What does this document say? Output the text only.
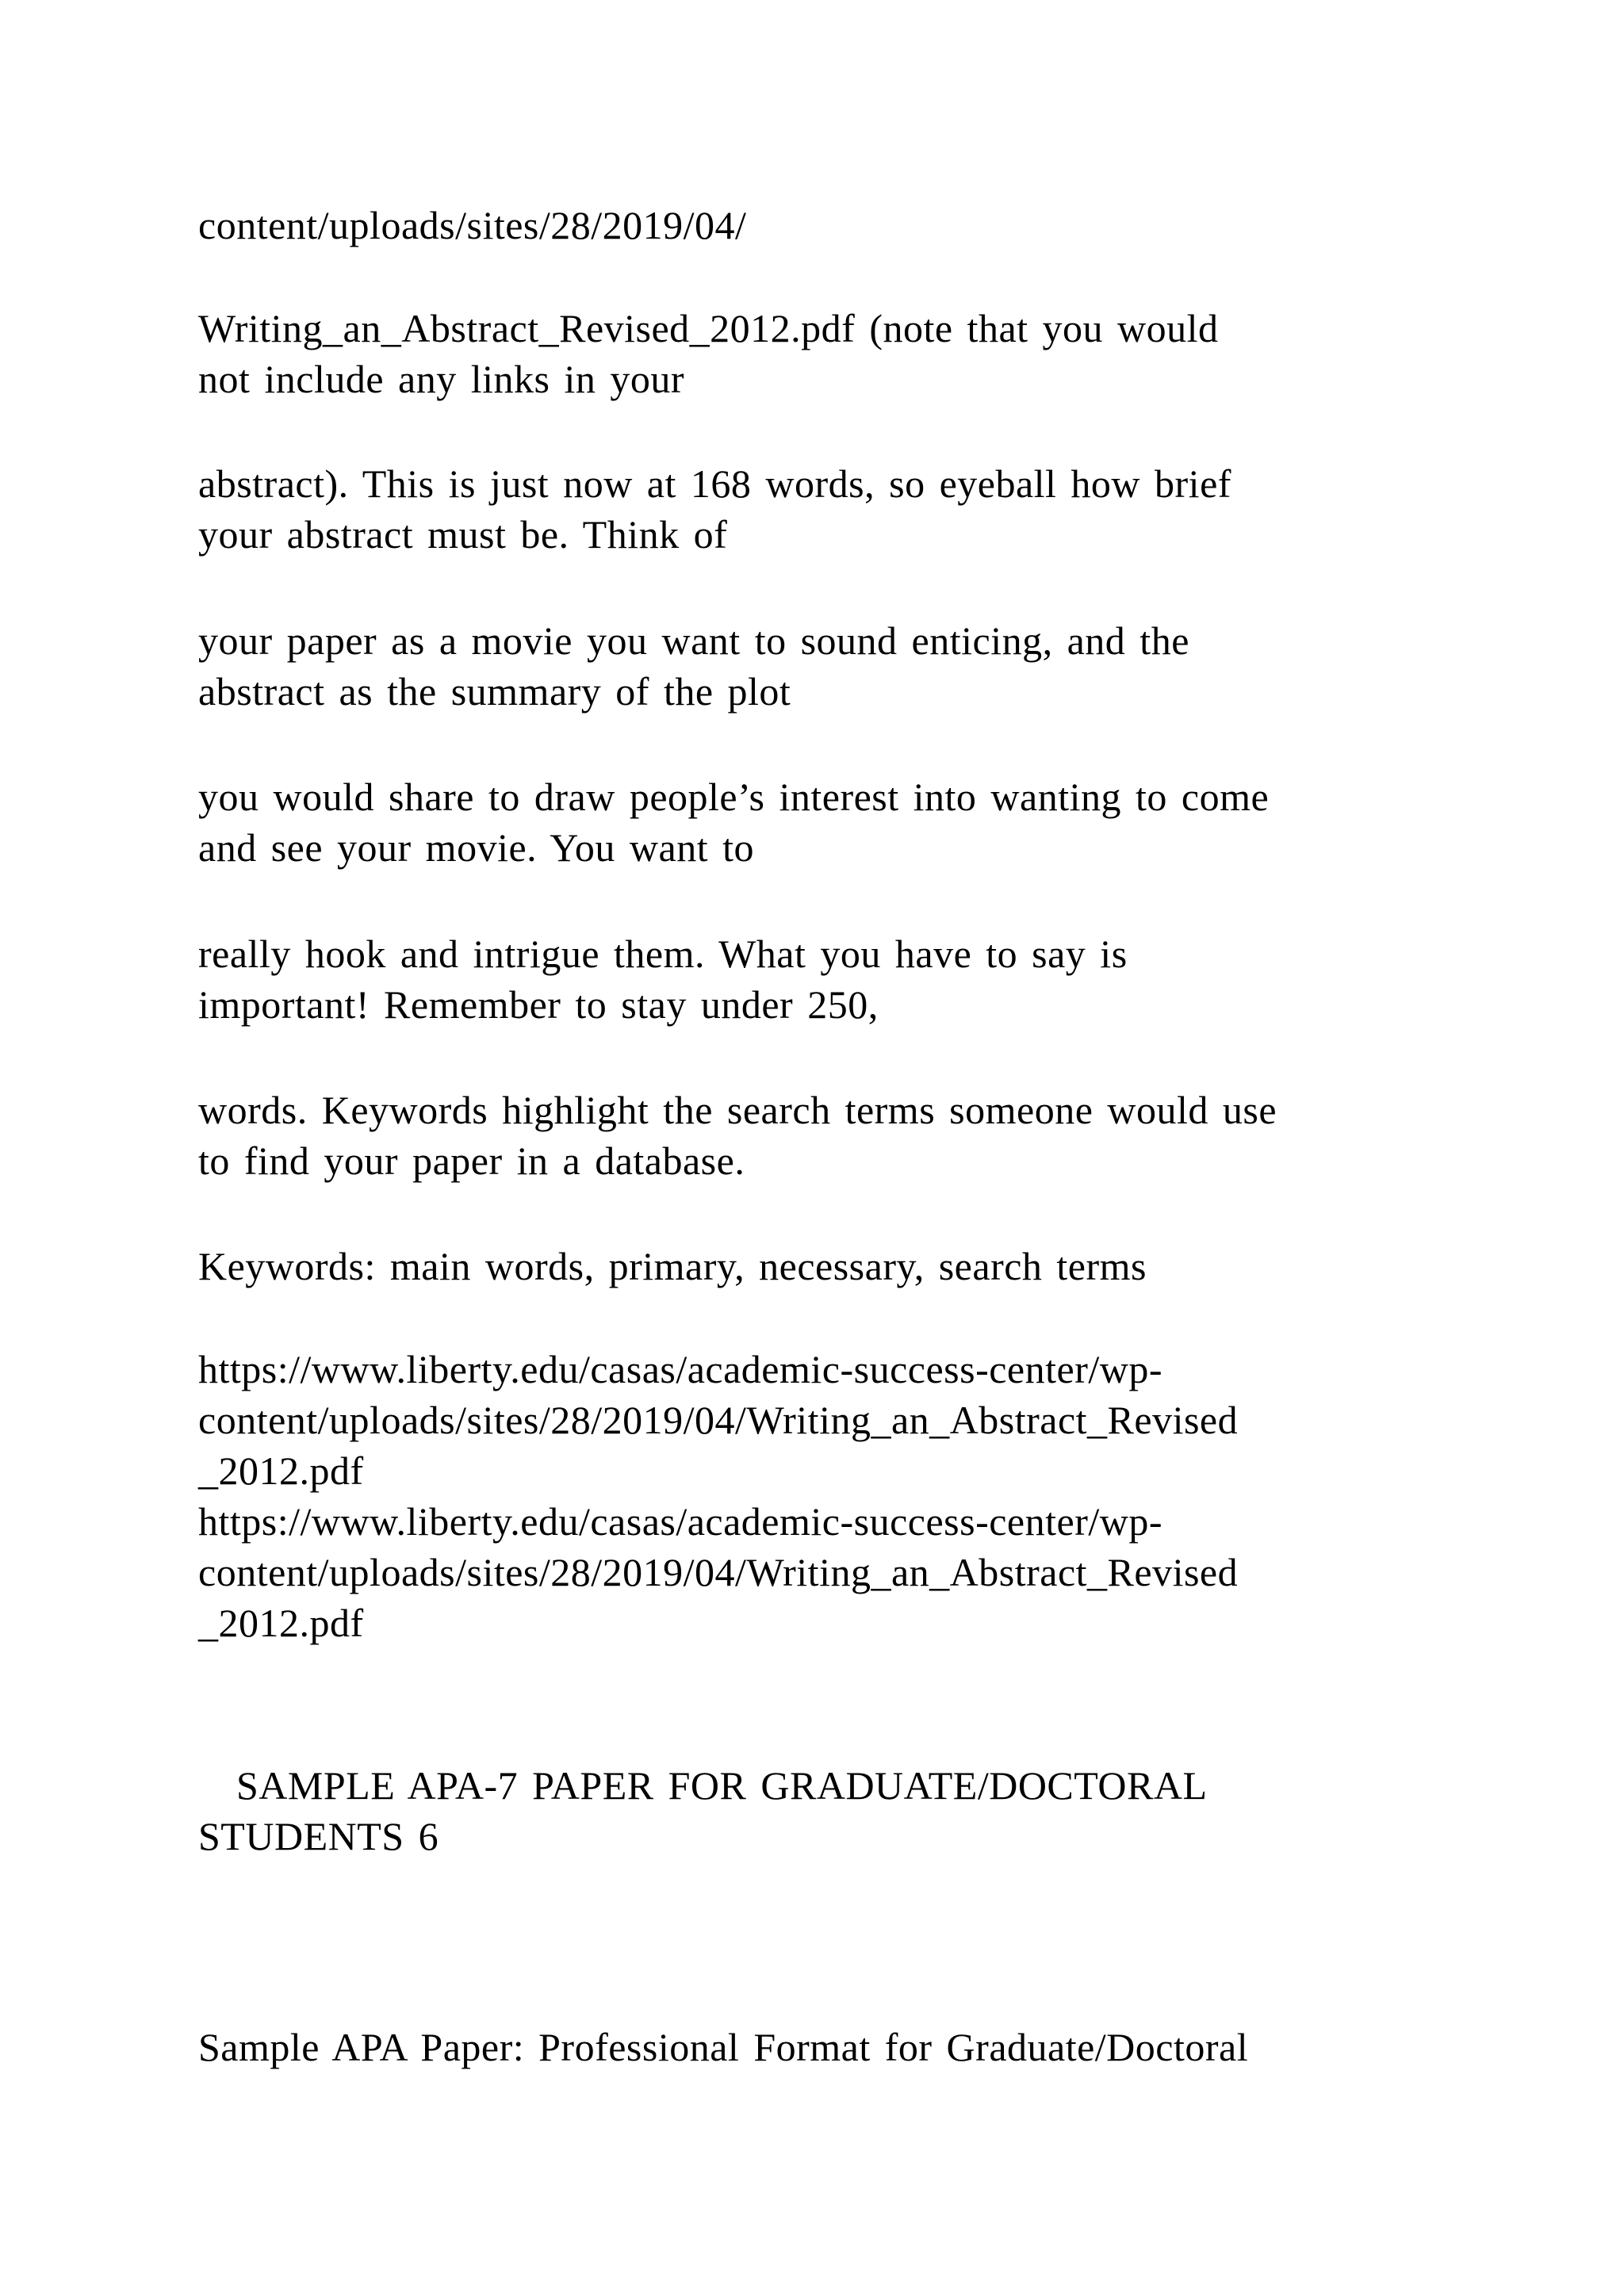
content/uploads/sites/28/2019/04/
Writing_an_Abstract_Revised_2012.pdf (note that you would
not include any links in your
abstract). This is just now at 168 words, so eyeball how brief
your abstract must be. Think of
your paper as a movie you want to sound enticing, and the
abstract as the summary of the plot
you would share to draw people’s interest into wanting to come
and see your movie. You want to
really hook and intrigue them. What you have to say is
important! Remember to stay under 250,
words. Keywords highlight the search terms someone would use
to find your paper in a database.
Keywords: main words, primary, necessary, search terms
https://www.liberty.edu/casas/academic-success-center/wp-
content/uploads/sites/28/2019/04/Writing_an_Abstract_Revised
_2012.pdf
https://www.liberty.edu/casas/academic-success-center/wp-
content/uploads/sites/28/2019/04/Writing_an_Abstract_Revised
_2012.pdf
SAMPLE APA-7 PAPER FOR GRADUATE/DOCTORAL
STUDENTS 6
Sample APA Paper: Professional Format for Graduate/Doctoral
